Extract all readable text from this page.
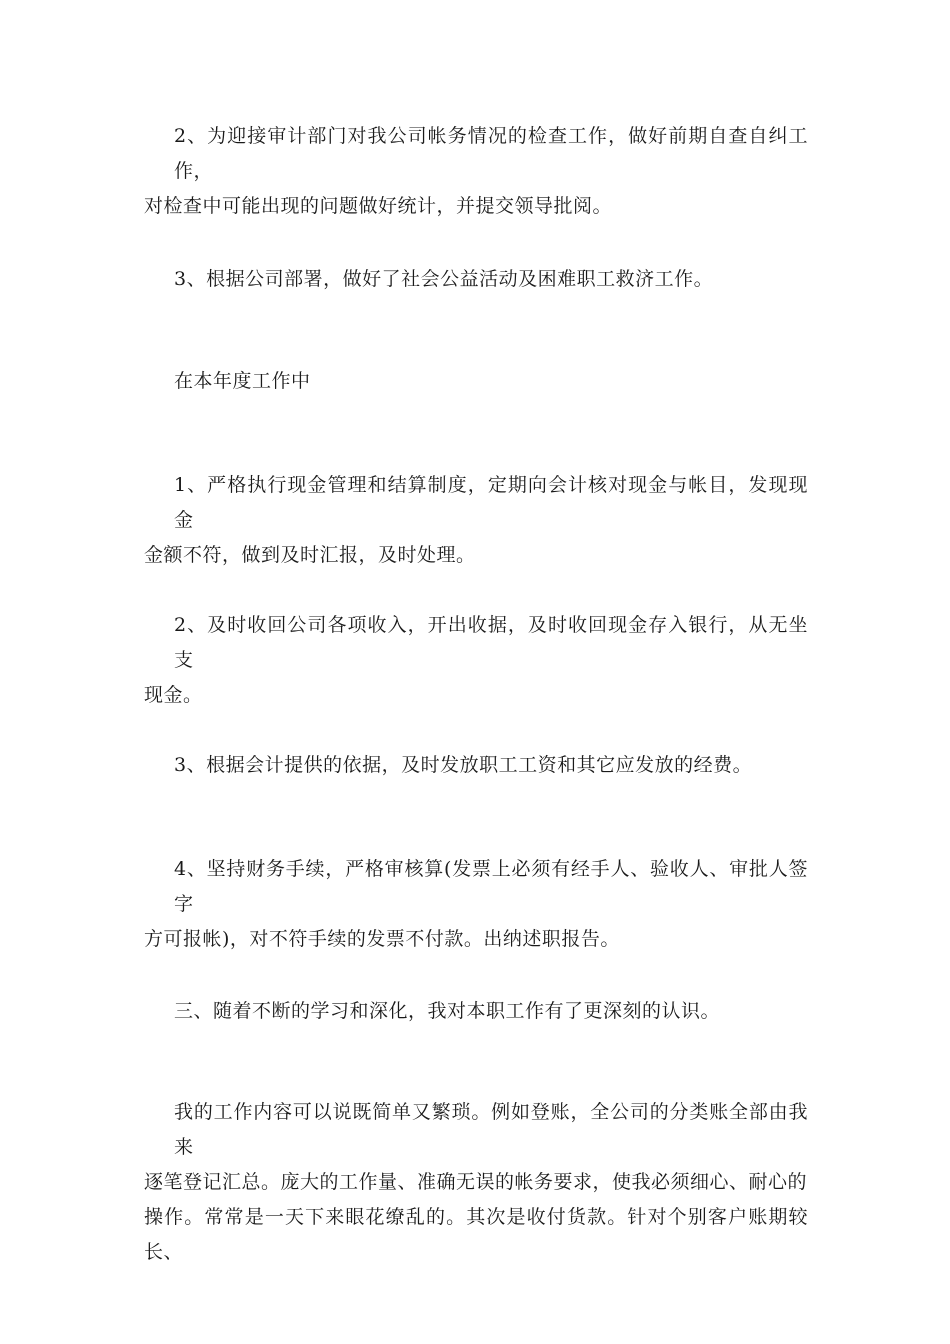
2、为迎接审计部门对我公司帐务情况的检查工作，做好前期自查自纠工作，
对检查中可能出现的问题做好统计，并提交领导批阅。
3、根据公司部署，做好了社会公益活动及困难职工救济工作。
在本年度工作中
1、严格执行现金管理和结算制度，定期向会计核对现金与帐目，发现现金
金额不符，做到及时汇报，及时处理。
2、及时收回公司各项收入，开出收据，及时收回现金存入银行，从无坐支
现金。
3、根据会计提供的依据，及时发放职工工资和其它应发放的经费。
4、坚持财务手续，严格审核算(发票上必须有经手人、验收人、审批人签字
方可报帐)，对不符手续的发票不付款。出纳述职报告。
三、随着不断的学习和深化，我对本职工作有了更深刻的认识。
我的工作内容可以说既简单又繁琐。例如登账，全公司的分类账全部由我来
逐笔登记汇总。庞大的工作量、准确无误的帐务要求，使我必须细心、耐心的
操作。常常是一天下来眼花缭乱的。其次是收付货款。针对个别客户账期较长、
